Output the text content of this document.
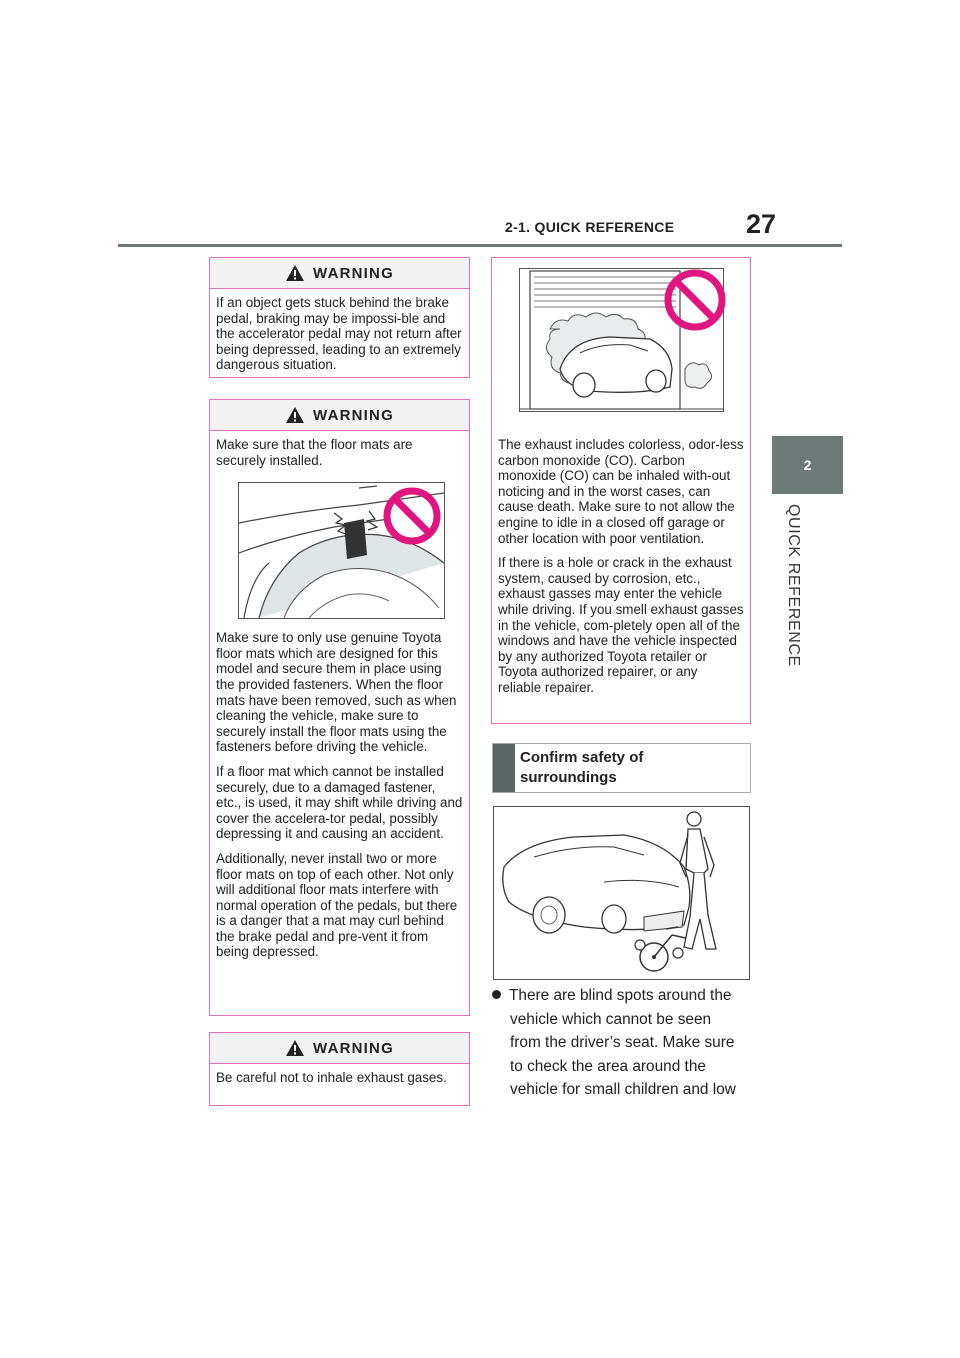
2-1. QUICK REFERENCE	27
2
QUICK REFERENCE
WARNING

If an object gets stuck behind the brake pedal, braking may be impossi-ble and the accelerator pedal may not return after being depressed, leading to an extremely dangerous situation.

WARNING

Make sure that the floor mats are securely installed.

Make sure to only use genuine Toyota floor mats which are designed for this model and secure them in place using the provided fasteners. When the floor mats have been removed, such as when cleaning the vehicle, make sure to securely install the floor mats using the fasteners before driving the vehicle.

If a floor mat which cannot be installed securely, due to a damaged fastener, etc., is used, it may shift while driving and cover the accelera-tor pedal, possibly depressing it and causing an accident.

Additionally, never install two or more floor mats on top of each other. Not only will additional floor mats interfere with normal operation of the pedals, but there is a danger that a mat may curl behind the brake pedal and pre-vent it from being depressed.

WARNING

Be careful not to inhale exhaust gases.

The exhaust includes colorless, odor-less carbon monoxide (CO). Carbon monoxide (CO) can be inhaled with-out noticing and in the worst cases, can cause death. Make sure to not allow the engine to idle in a closed off garage or other location with poor ventilation.

If there is a hole or crack in the exhaust system, caused by corrosion, etc., exhaust gasses may enter the vehicle while driving. If you smell exhaust gasses in the vehicle, com-pletely open all of the windows and have the vehicle inspected by any authorized Toyota retailer or Toyota authorized repairer, or any reliable repairer.

Confirm safety of
surroundings
There are blind spots around the
vehicle which cannot be seen
from the driver’s seat. Make sure
to check the area around the
vehicle for small children and low
